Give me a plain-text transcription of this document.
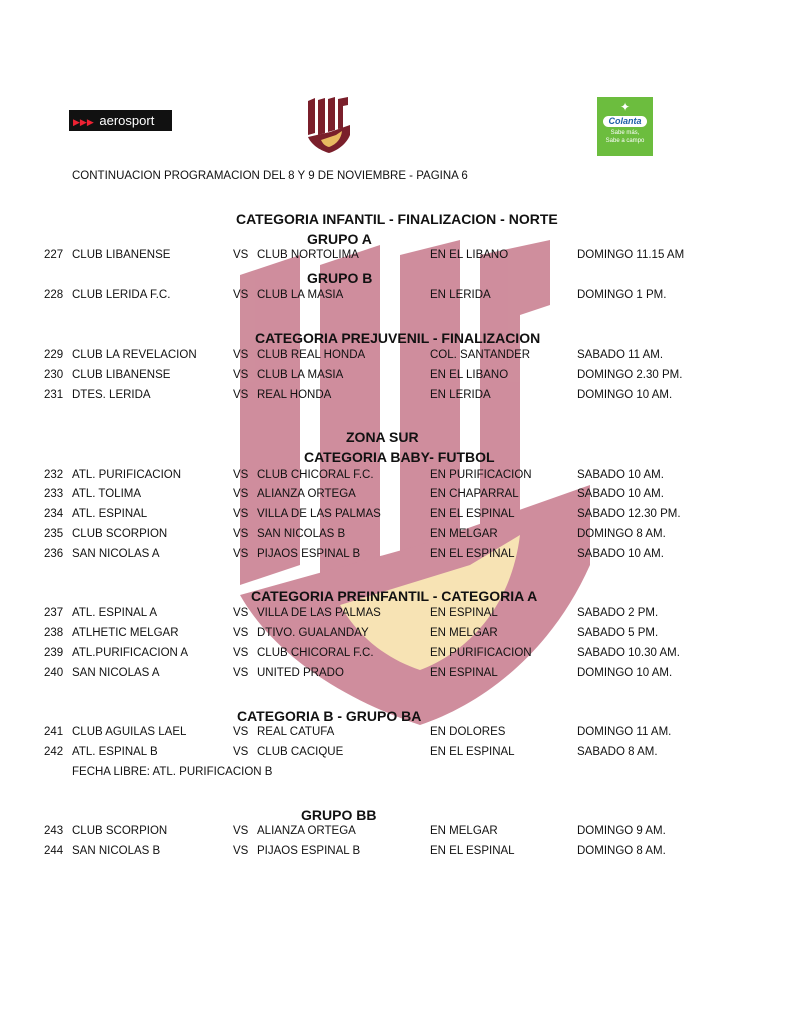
▶▶▶ aerosport
✦
Colanta
Sabe más,
Sabe a campo
CONTINUACION PROGRAMACION DEL 8 Y 9 DE NOVIEMBRE - PAGINA 6
CATEGORIA INFANTIL - FINALIZACION - NORTE
GRUPO A
GRUPO B
CATEGORIA PREJUVENIL - FINALIZACION
ZONA SUR
CATEGORIA BABY- FUTBOL
CATEGORIA PREINFANTIL - CATEGORIA A
CATEGORIA B - GRUPO BA
GRUPO BB
227 CLUB LIBANENSE	VS CLUB NORTOLIMA	EN EL LIBANO	DOMINGO 11.15 AM
228 CLUB LERIDA F.C.	VS CLUB LA MASIA	EN LERIDA	DOMINGO 1 PM.
229 CLUB LA REVELACION	VS CLUB REAL HONDA	COL. SANTANDER	SABADO 11 AM.
230 CLUB LIBANENSE	VS CLUB LA MASIA	EN EL LIBANO	DOMINGO 2.30 PM.
231 DTES. LERIDA	VS REAL HONDA	EN LERIDA	DOMINGO 10 AM.
232 ATL. PURIFICACION	VS CLUB CHICORAL F.C.	EN PURIFICACION	SABADO 10 AM.
233 ATL. TOLIMA	VS ALIANZA ORTEGA	EN CHAPARRAL	SABADO 10 AM.
234 ATL. ESPINAL	VS VILLA DE LAS PALMAS	EN EL ESPINAL	SABADO 12.30 PM.
235 CLUB SCORPION	VS SAN NICOLAS B	EN MELGAR	DOMINGO 8 AM.
236 SAN NICOLAS A	VS PIJAOS ESPINAL B	EN EL ESPINAL	SABADO 10 AM.
237 ATL. ESPINAL A	VS VILLA DE LAS PALMAS	EN ESPINAL	SABADO 2 PM.
238 ATLHETIC MELGAR	VS DTIVO. GUALANDAY	EN MELGAR	SABADO 5 PM.
239 ATL.PURIFICACION A	VS CLUB CHICORAL F.C.	EN PURIFICACION	SABADO 10.30 AM.
240 SAN NICOLAS A	VS UNITED PRADO	EN ESPINAL	DOMINGO 10 AM.
241 CLUB AGUILAS LAEL	VS REAL CATUFA	EN DOLORES	DOMINGO 11 AM.
242 ATL. ESPINAL B	VS CLUB CACIQUE	EN EL ESPINAL	SABADO 8 AM.
FECHA LIBRE: ATL. PURIFICACION B
243 CLUB SCORPION	VS ALIANZA ORTEGA	EN MELGAR	DOMINGO 9 AM.
244 SAN NICOLAS B	VS PIJAOS ESPINAL B	EN EL ESPINAL	DOMINGO 8 AM.
